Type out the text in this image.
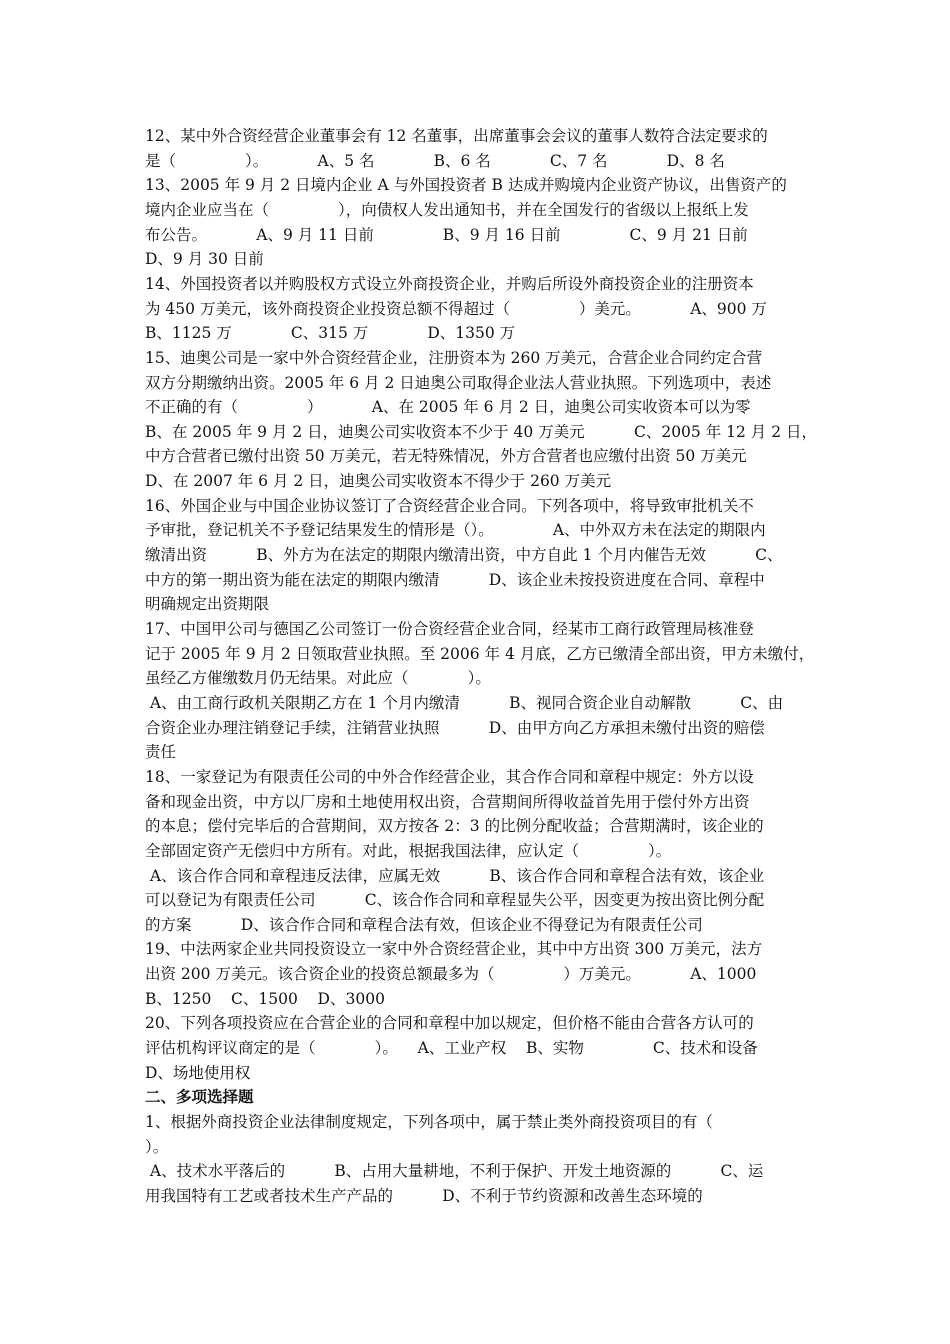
12、某中外合资经营企业董事会有 12 名董事，出席董事会会议的董事人数符合法定要求的
是（              ）。          A、5 名            B、6 名            C、7 名            D、8 名
13、2005 年 9 月 2 日境内企业 A 与外国投资者 B 达成并购境内企业资产协议，出售资产的
境内企业应当在（              ），向债权人发出通知书，并在全国发行的省级以上报纸上发
布公告。          A、9 月 11 日前              B、9 月 16 日前              C、9 月 21 日前
D、9 月 30 日前
14、外国投资者以并购股权方式设立外商投资企业，并购后所设外商投资企业的注册资本
为 450 万美元，该外商投资企业投资总额不得超过（              ）美元。          A、900 万
B、1125 万            C、315 万            D、1350 万
15、迪奥公司是一家中外合资经营企业，注册资本为 260 万美元，合营企业合同约定合营
双方分期缴纳出资。2005 年 6 月 2 日迪奥公司取得企业法人营业执照。下列选项中，表述
不正确的有（              ）          A、在 2005 年 6 月 2 日，迪奥公司实收资本可以为零
B、在 2005 年 9 月 2 日，迪奥公司实收资本不少于 40 万美元          C、2005 年 12 月 2 日，
中方合营者已缴付出资 50 万美元，若无特殊情况，外方合营者也应缴付出资 50 万美元
D、在 2007 年 6 月 2 日，迪奥公司实收资本不得少于 260 万美元
16、外国企业与中国企业协议签订了合资经营企业合同。下列各项中，将导致审批机关不
予审批，登记机关不予登记结果发生的情形是（）。            A、中外双方未在法定的期限内
缴清出资          B、外方为在法定的期限内缴清出资，中方自此 1 个月内催告无效          C、
中方的第一期出资为能在法定的期限内缴清          D、该企业未按投资进度在合同、章程中
明确规定出资期限
17、中国甲公司与德国乙公司签订一份合资经营企业合同，经某市工商行政管理局核准登
记于 2005 年 9 月 2 日领取营业执照。至 2006 年 4 月底，乙方已缴清全部出资，甲方未缴付，
虽经乙方催缴数月仍无结果。对此应（            ）。
A、由工商行政机关限期乙方在 1 个月内缴清          B、视同合资企业自动解散          C、由
合资企业办理注销登记手续，注销营业执照          D、由甲方向乙方承担未缴付出资的赔偿
责任
18、一家登记为有限责任公司的中外合作经营企业，其合作合同和章程中规定：外方以设
备和现金出资，中方以厂房和土地使用权出资，合营期间所得收益首先用于偿付外方出资
的本息；偿付完毕后的合营期间，双方按各 2：3 的比例分配收益；合营期满时，该企业的
全部固定资产无偿归中方所有。对此，根据我国法律，应认定（              ）。
A、该合作合同和章程违反法律，应属无效          B、该合作合同和章程合法有效，该企业
可以登记为有限责任公司          C、该合作合同和章程显失公平，因变更为按出资比例分配
的方案          D、该合作合同和章程合法有效，但该企业不得登记为有限责任公司
19、中法两家企业共同投资设立一家中外合资经营企业，其中中方出资 300 万美元，法方
出资 200 万美元。该合资企业的投资总额最多为（              ）万美元。          A、1000
B、1250    C、1500    D、3000
20、下列各项投资应在合营企业的合同和章程中加以规定，但价格不能由合营各方认可的
评估机构评议商定的是（            ）。    A、工业产权    B、实物              C、技术和设备
D、场地使用权
二、多项选择题
1、根据外商投资企业法律制度规定，下列各项中，属于禁止类外商投资项目的有（
）。
A、技术水平落后的          B、占用大量耕地，不利于保护、开发土地资源的          C、运
用我国特有工艺或者技术生产产品的          D、不利于节约资源和改善生态环境的
